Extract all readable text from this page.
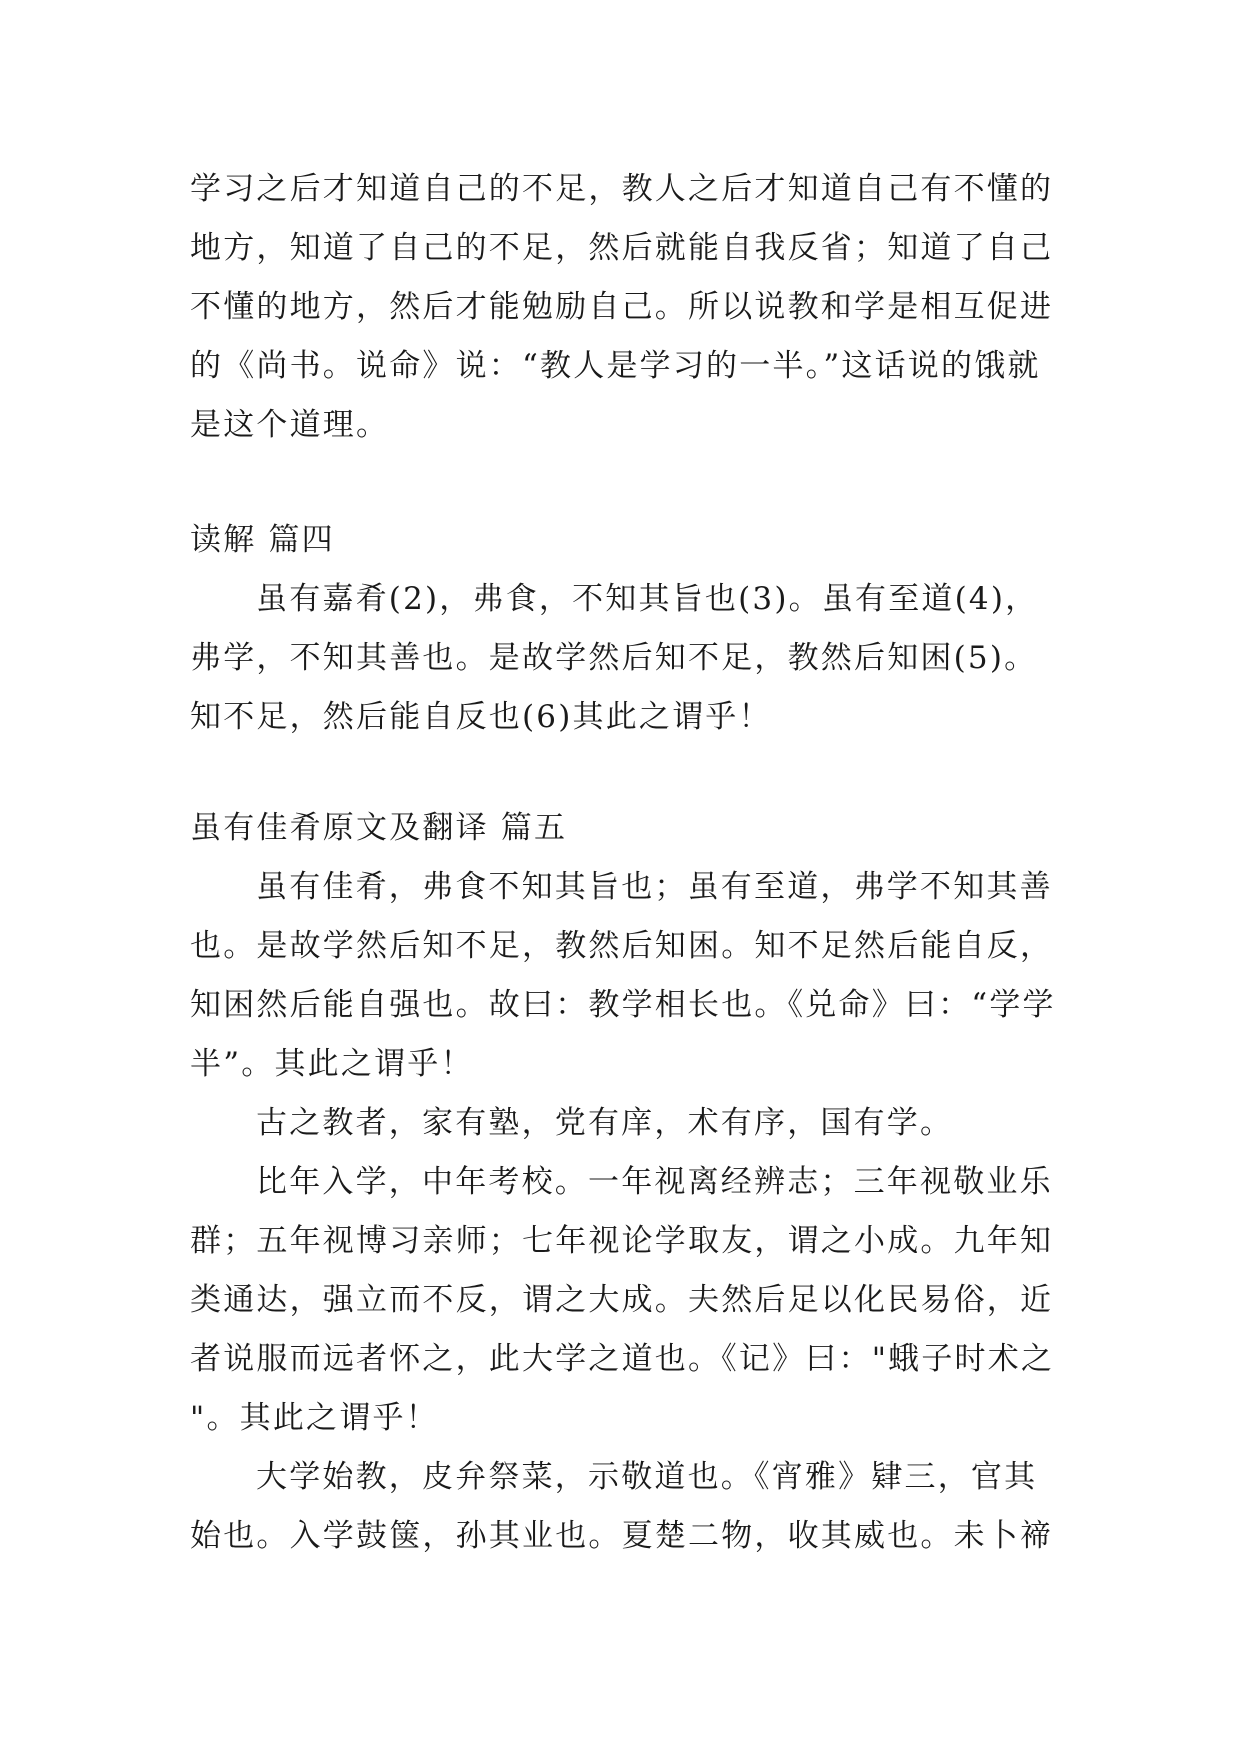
学习之后才知道自己的不足，教人之后才知道自己有不懂的
地方，知道了自己的不足，然后就能自我反省；知道了自己
不懂的地方，然后才能勉励自己。所以说教和学是相互促进
的《尚书。说命》说：“教人是学习的一半。”这话说的饿就
是这个道理。
读解 篇四
虽有嘉肴(2)，弗食，不知其旨也(3)。虽有至道(4)，
弗学，不知其善也。是故学然后知不足，教然后知困(5)。
知不足，然后能自反也(6)其此之谓乎！
虽有佳肴原文及翻译 篇五
虽有佳肴，弗食不知其旨也；虽有至道，弗学不知其善
也。是故学然后知不足，教然后知困。知不足然后能自反，
知困然后能自强也。故曰：教学相长也。《兑命》曰：“学学
半”。其此之谓乎！
古之教者，家有塾，党有庠，术有序，国有学。
比年入学，中年考校。一年视离经辨志；三年视敬业乐
群；五年视博习亲师；七年视论学取友，谓之小成。九年知
类通达，强立而不反，谓之大成。夫然后足以化民易俗，近
者说服而远者怀之，此大学之道也。《记》曰："蛾子时术之
"。其此之谓乎！
大学始教，皮弁祭菜，示敬道也。《宵雅》肄三，官其
始也。入学鼓箧，孙其业也。夏楚二物，收其威也。未卜禘
